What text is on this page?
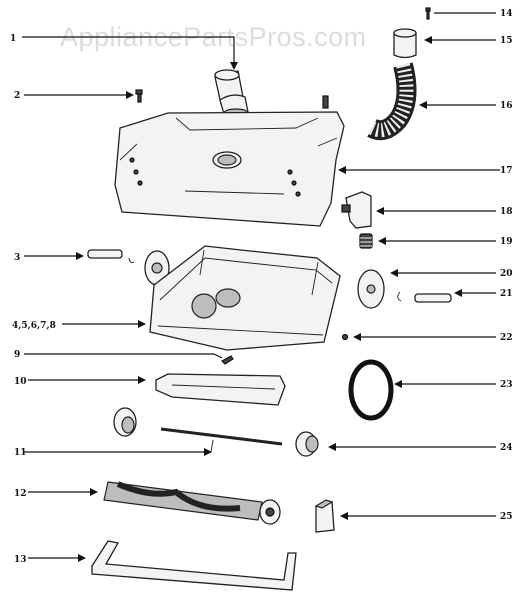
AppliancePartsPros.com
1
2
17
14
15
16
18
19
3
4,5,6,7,8
20
21
22
9
10	23
11	24
12
25
13
